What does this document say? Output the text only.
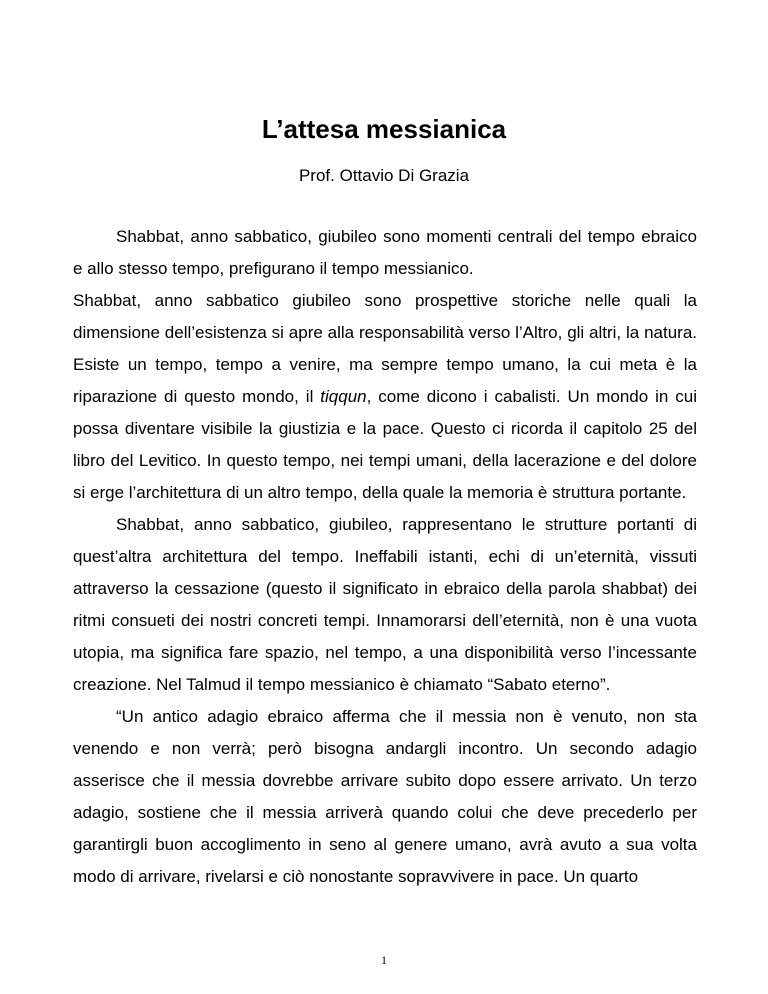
L’attesa messianica
Prof. Ottavio Di Grazia

Shabbat, anno sabbatico, giubileo sono momenti centrali del tempo ebraico e allo stesso tempo, prefigurano il tempo messianico.

Shabbat, anno sabbatico giubileo sono prospettive storiche nelle quali la dimensione dell’esistenza si apre alla responsabilità verso l’Altro, gli altri, la natura. Esiste un tempo, tempo a venire, ma sempre tempo umano, la cui meta è la riparazione di questo mondo, il tiqqun, come dicono i cabalisti. Un mondo in cui possa diventare visibile la giustizia e la pace. Questo ci ricorda il capitolo 25 del libro del Levitico. In questo tempo, nei tempi umani, della lacerazione e del dolore si erge l’architettura di un altro tempo, della quale la memoria è struttura portante.

Shabbat, anno sabbatico, giubileo, rappresentano le strutture portanti di quest’altra architettura del tempo. Ineffabili istanti, echi di un’eternità, vissuti attraverso la cessazione (questo il significato in ebraico della parola shabbat) dei ritmi consueti dei nostri concreti tempi. Innamorarsi dell’eternità, non è una vuota utopia, ma significa fare spazio, nel tempo, a una disponibilità verso l’incessante creazione. Nel Talmud il tempo messianico è chiamato “Sabato eterno”.

“Un antico adagio ebraico afferma che il messia non è venuto, non sta venendo e non verrà; però bisogna andargli incontro. Un secondo adagio asserisce che il messia dovrebbe arrivare subito dopo essere arrivato. Un terzo adagio, sostiene che il messia arriverà quando colui che deve precederlo per garantirgli buon accoglimento in seno al genere umano, avrà avuto a sua volta modo di arrivare, rivelarsi e ciò nonostante sopravvivere in pace. Un quarto

1
